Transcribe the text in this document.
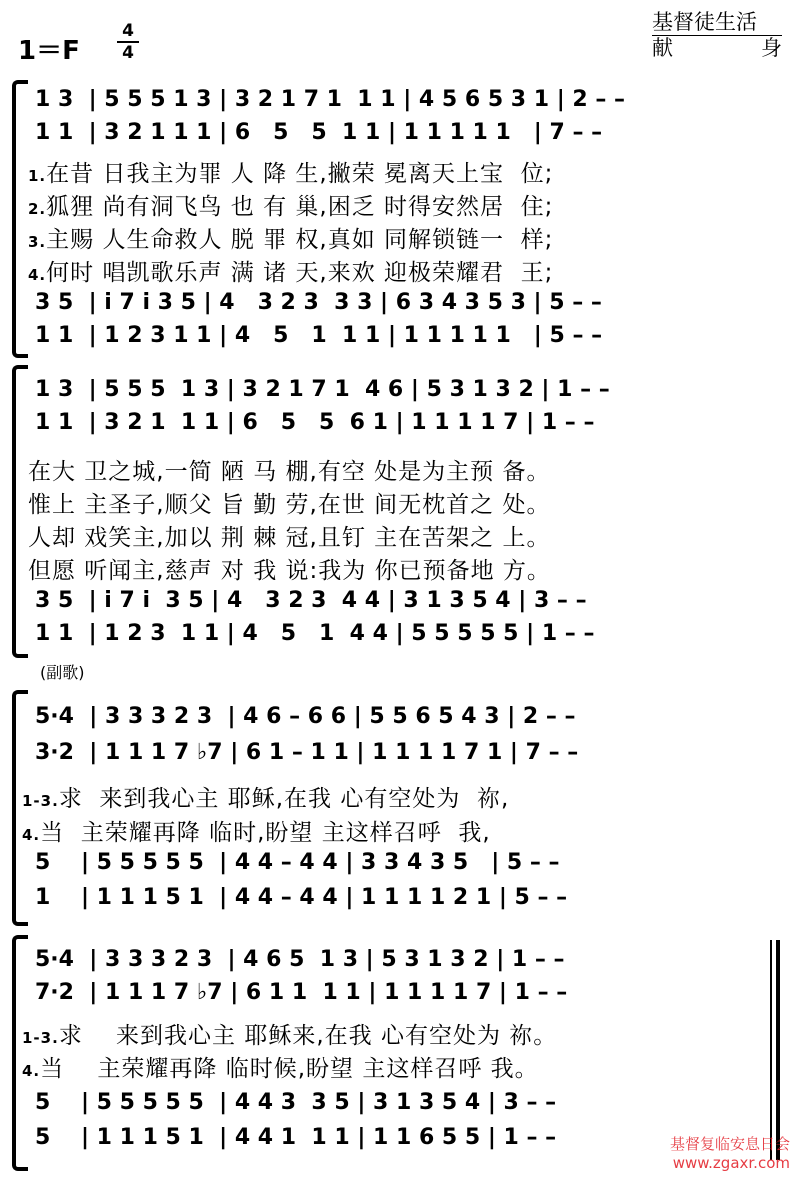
1＝F
4
4
基督徒生活
献	身
1 3  | 5 5 5 1 3 | 3 2 1 7 1  1 1 | 4 5 6 5 3 1 | 2 – –
1 1  | 3 2 1 1 1 | 6   5   5  1 1 | 1 1 1 1 1   | 7 – –
1.在昔 日我主为罪 人 降 生,撇荣 冕离天上宝  位;
2.狐狸 尚有洞飞鸟 也 有 巢,困乏 时得安然居  住;
3.主赐 人生命救人 脱 罪 权,真如 同解锁链一  样;
4.何时 唱凯歌乐声 满 诸 天,来欢 迎极荣耀君  王;
3 5  | i 7 i 3 5 | 4   3 2 3  3 3 | 6 3 4 3 5 3 | 5 – –
1 1  | 1 2 3 1 1 | 4   5   1  1 1 | 1 1 1 1 1   | 5 – –
1 3  | 5 5 5  1 3 | 3 2 1 7 1  4 6 | 5 3 1 3 2 | 1 – –
1 1  | 3 2 1  1 1 | 6   5   5  6 1 | 1 1 1 1 7 | 1 – –
在大 卫之城,一简 陋 马 棚,有空 处是为主预 备。
惟上 主圣子,顺父 旨 勤 劳,在世 间无枕首之 处。
人却 戏笑主,加以 荆 棘 冠,且钉 主在苦架之 上。
但愿 听闻主,慈声 对 我 说:我为 你已预备地 方。
3 5  | i 7 i  3 5 | 4   3 2 3  4 4 | 3 1 3 5 4 | 3 – –
1 1  | 1 2 3  1 1 | 4   5   1  4 4 | 5 5 5 5 5 | 1 – –
(副歌)
5·4  | 3 3 3 2 3  | 4 6 – 6 6 | 5 5 6 5 4 3 | 2 – –
3·2  | 1 1 1 7 ♭7 | 6 1 – 1 1 | 1 1 1 1 7 1 | 7 – –
1-3.求  来到我心主 耶稣,在我 心有空处为  祢,
4.当  主荣耀再降 临时,盼望 主这样召呼  我,
5    | 5 5 5 5 5  | 4 4 – 4 4 | 3 3 4 3 5   | 5 – –
1    | 1 1 1 5 1  | 4 4 – 4 4 | 1 1 1 1 2 1 | 5 – –
5·4  | 3 3 3 2 3  | 4 6 5  1 3 | 5 3 1 3 2 | 1 – –
7·2  | 1 1 1 7 ♭7 | 6 1 1  1 1 | 1 1 1 1 7 | 1 – –
1-3.求    来到我心主 耶稣来,在我 心有空处为 祢。
4.当    主荣耀再降 临时候,盼望 主这样召呼 我。
5    | 5 5 5 5 5  | 4 4 3  3 5 | 3 1 3 5 4 | 3 – –
5    | 1 1 1 5 1  | 4 4 1  1 1 | 1 1 6 5 5 | 1 – –	基督复临安息日会
www.zgaxr.com
